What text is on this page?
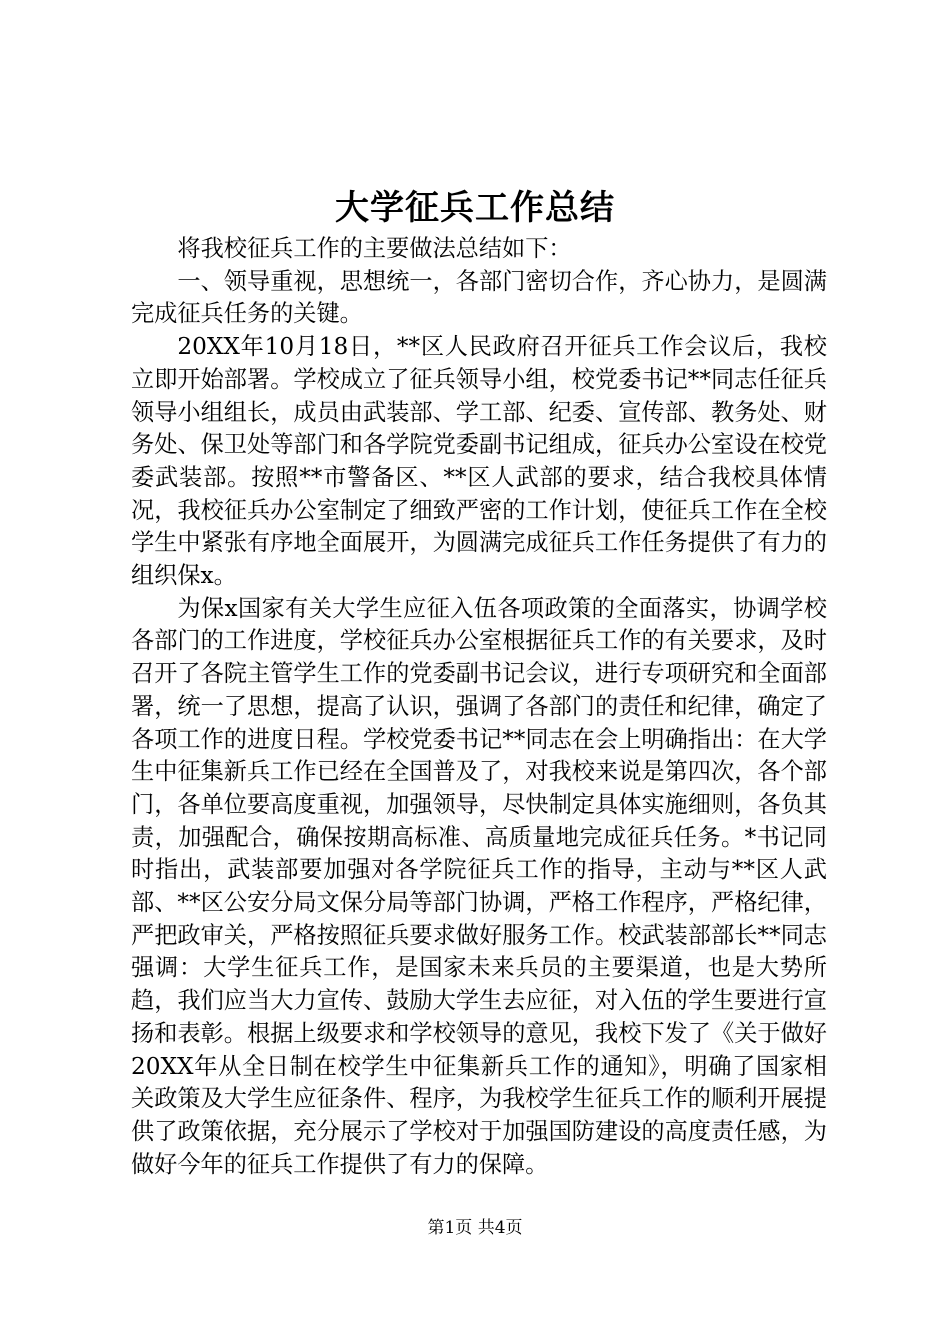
大学征兵工作总结

将我校征兵工作的主要做法总结如下：

一、领导重视，思想统一，各部门密切合作，齐心协力，是圆满完成征兵任务的关键。

20XX年10月18日，**区人民政府召开征兵工作会议后，我校立即开始部署。学校成立了征兵领导小组，校党委书记**同志任征兵领导小组组长，成员由武装部、学工部、纪委、宣传部、教务处、财务处、保卫处等部门和各学院党委副书记组成，征兵办公室设在校党委武装部。按照**市警备区、**区人武部的要求，结合我校具体情况，我校征兵办公室制定了细致严密的工作计划，使征兵工作在全校学生中紧张有序地全面展开，为圆满完成征兵工作任务提供了有力的组织保x。

为保x国家有关大学生应征入伍各项政策的全面落实，协调学校各部门的工作进度，学校征兵办公室根据征兵工作的有关要求，及时召开了各院主管学生工作的党委副书记会议，进行专项研究和全面部署，统一了思想，提高了认识，强调了各部门的责任和纪律，确定了各项工作的进度日程。学校党委书记**同志在会上明确指出：在大学生中征集新兵工作已经在全国普及了，对我校来说是第四次，各个部门，各单位要高度重视，加强领导，尽快制定具体实施细则，各负其责，加强配合，确保按期高标准、高质量地完成征兵任务。*书记同时指出，武装部要加强对各学院征兵工作的指导，主动与**区人武部、**区公安分局文保分局等部门协调，严格工作程序，严格纪律，严把政审关，严格按照征兵要求做好服务工作。校武装部部长**同志强调：大学生征兵工作，是国家未来兵员的主要渠道，也是大势所趋，我们应当大力宣传、鼓励大学生去应征，对入伍的学生要进行宣扬和表彰。根据上级要求和学校领导的意见，我校下发了《关于做好20XX年从全日制在校学生中征集新兵工作的通知》，明确了国家相关政策及大学生应征条件、程序，为我校学生征兵工作的顺利开展提供了政策依据，充分展示了学校对于加强国防建设的高度责任感，为做好今年的征兵工作提供了有力的保障。

第1页 共4页
